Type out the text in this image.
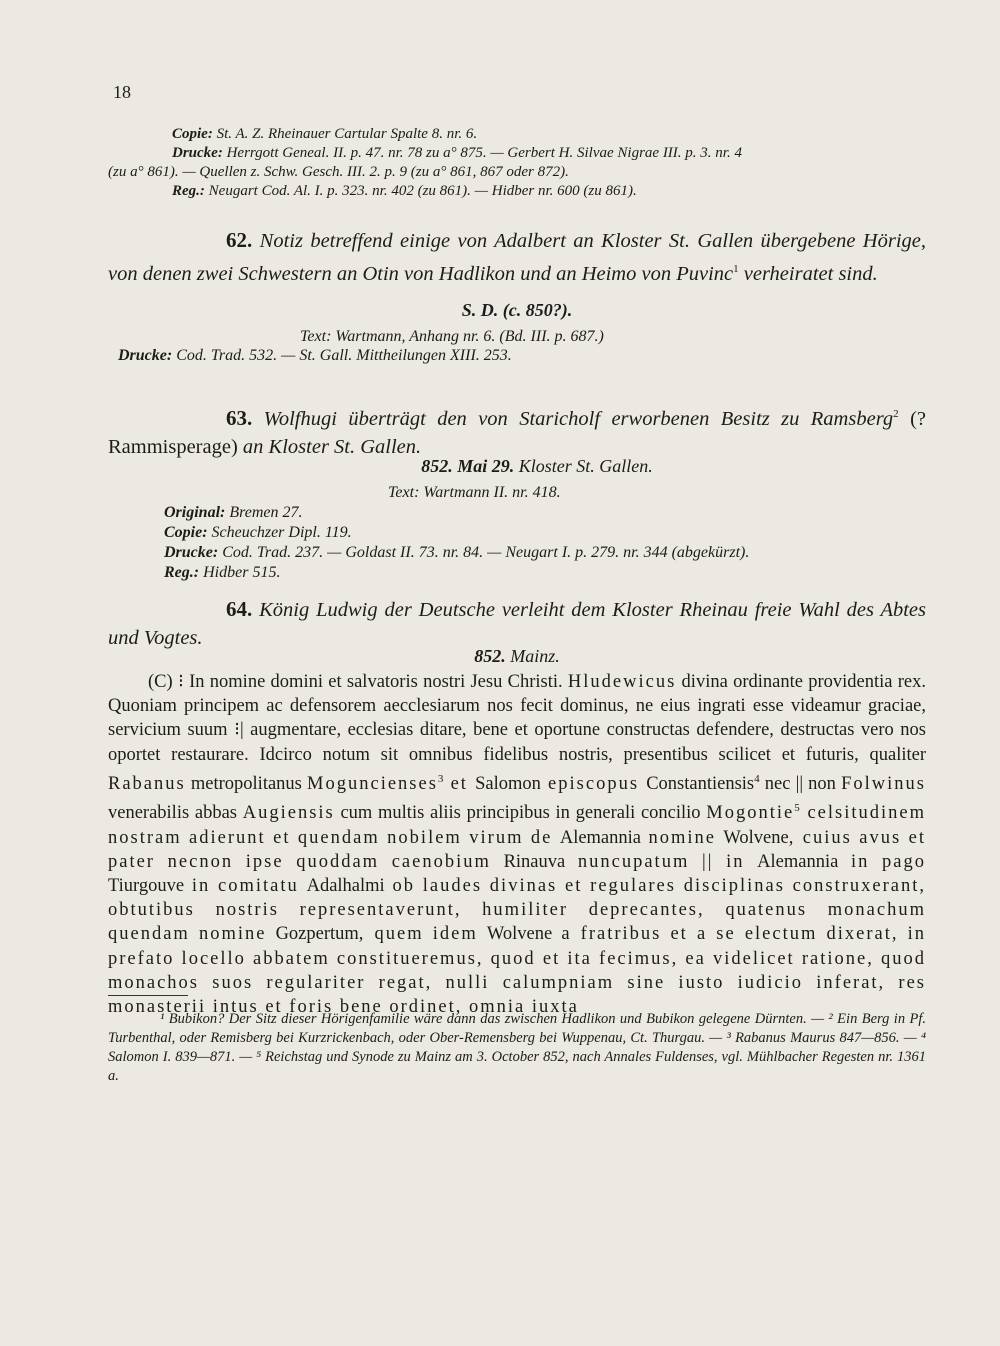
18
Copie: St. A. Z. Rheinauer Cartular Spalte 8. nr. 6.
Drucke: Herrgott Geneal. II. p. 47. nr. 78 zu a° 875. — Gerbert H. Silvae Nigrae III. p. 3. nr. 4
(zu a° 861). — Quellen z. Schw. Gesch. III. 2. p. 9 (zu a° 861, 867 oder 872).
Reg.: Neugart Cod. Al. I. p. 323. nr. 402 (zu 861). — Hidber nr. 600 (zu 861).
62. Notiz betreffend einige von Adalbert an Kloster St. Gallen übergebene Hörige, von denen zwei Schwestern an Otin von Hadlikon und an Heimo von Puvinc$^1$ verheiratet sind.
S. D. (c. 850?).
Text: Wartmann, Anhang nr. 6. (Bd. III. p. 687.)
Drucke: Cod. Trad. 532. — St. Gall. Mittheilungen XIII. 253.
63. Wolfhugi überträgt den von Staricholf erworbenen Besitz zu Ramsberg$^2$ (? Rammisperage) an Kloster St. Gallen.
852. Mai 29. Kloster St. Gallen.
Text: Wartmann II. nr. 418.
Original: Bremen 27.
Copie: Scheuchzer Dipl. 119.
Drucke: Cod. Trad. 237. — Goldast II. 73. nr. 84. — Neugart I. p. 279. nr. 344 (abgekürzt).
Reg.: Hidber 515.
64. König Ludwig der Deutsche verleiht dem Kloster Rheinau freie Wahl des Abtes und Vogtes.
852. Mainz.

(C) ⁝ In nomine domini et salvatoris nostri Jesu Christi. Hludewicus divina ordinante providentia rex. Quoniam principem ac defensorem aecclesiarum nos fecit dominus, ne eius ingrati esse videamur graciae, servicium suum ⁝| augmentare, ecclesias ditare, bene et oportune constructas defendere, destructas vero nos oportet restaurare. Idcirco notum sit omnibus fidelibus nostris, presentibus scilicet et futuris, qualiter Rabanus metropolitanus Moguncienses$^3$ et Salomon episcopus Constantiensis$^4$ nec || non Folwinus venerabilis abbas Augiensis cum multis aliis principibus in generali concilio Mogontie$^5$ celsitudinem nostram adierunt et quendam nobilem virum de Alemannia nomine Wolvene, cuius avus et pater necnon ipse quoddam caenobium Rinauva nuncupatum || in Alemannia in pago Tiurgouve in comitatu Adalhalmi ob laudes divinas et regulares disciplinas construxerant, obtutibus nostris representaverunt, humiliter deprecantes, quatenus monachum quendam nomine Gozpertum, quem idem Wolvene a fratribus et a se electum dixerat, in prefato locello abbatem constitueremus, quod et ita fecimus, ea videlicet ratione, quod monachos suos regulariter regat, nulli calumpniam sine iusto iudicio inferat, res monasterii intus et foris bene ordinet, omnia iuxta

¹ Bubikon? Der Sitz dieser Hörigenfamilie wäre dann das zwischen Hadlikon und Bubikon gelegene Dürnten. — ² Ein Berg in Pf. Turbenthal, oder Remisberg bei Kurzrickenbach, oder Ober-Remensberg bei Wuppenau, Ct. Thurgau. — ³ Rabanus Maurus 847—856. — ⁴ Salomon I. 839—871. — ⁵ Reichstag und Synode zu Mainz am 3. October 852, nach Annales Fuldenses, vgl. Mühlbacher Regesten nr. 1361 a.
